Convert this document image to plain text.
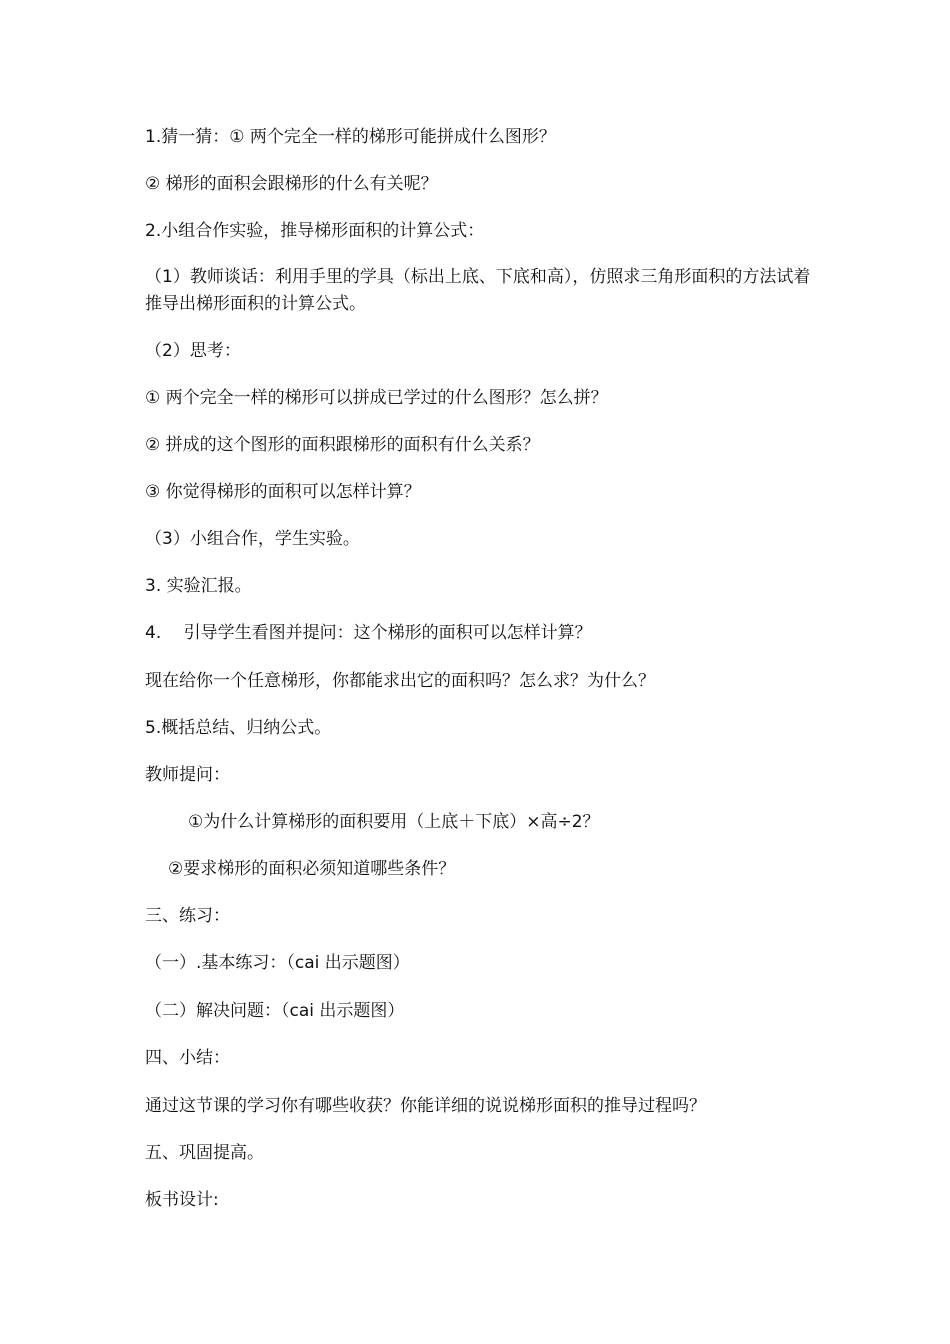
1.猜一猜：① 两个完全一样的梯形可能拼成什么图形？
② 梯形的面积会跟梯形的什么有关呢？
2.小组合作实验，推导梯形面积的计算公式：
（1）教师谈话：利用手里的学具（标出上底、下底和高），仿照求三角形面积的方法试着推导出梯形面积的计算公式。
（2）思考：
① 两个完全一样的梯形可以拼成已学过的什么图形？怎么拼？
② 拼成的这个图形的面积跟梯形的面积有什么关系？
③ 你觉得梯形的面积可以怎样计算？
（3）小组合作，学生实验。
3. 实验汇报。
4.　 引导学生看图并提问：这个梯形的面积可以怎样计算？
现在给你一个任意梯形，你都能求出它的面积吗？怎么求？为什么？
5.概括总结、归纳公式。
教师提问：
①为什么计算梯形的面积要用（上底＋下底）×高÷2？
②要求梯形的面积必须知道哪些条件？
三、练习：
（一）.基本练习：（cai 出示题图）
（二）解决问题：（cai 出示题图）
四、小结：
通过这节课的学习你有哪些收获？你能详细的说说梯形面积的推导过程吗？
五、巩固提高。
板书设计:
